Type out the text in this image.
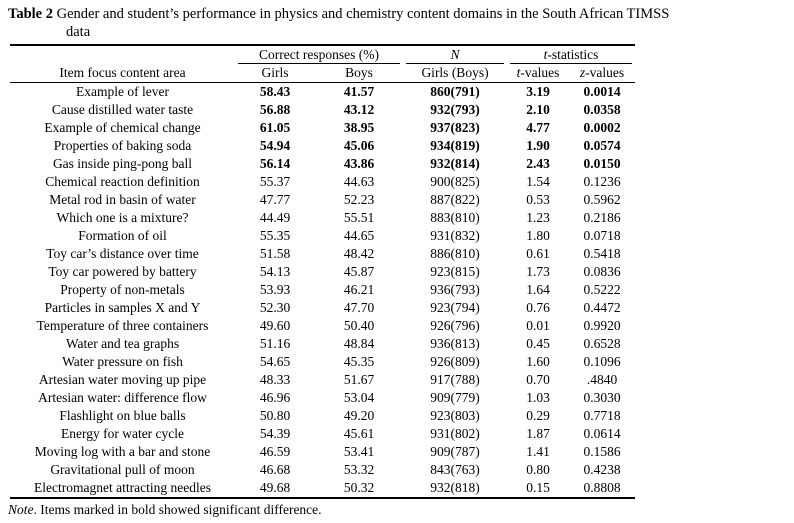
Table 2 Gender and student’s performance in physics and chemistry content domains in the South African TIMSS
data

	Correct responses (%)		N	t-statistics	

Item focus content area	Girls	Boys	Girls (Boys)	t-values	z-values
Example of lever	58.43	41.57	860(791)	3.19	0.0014
Cause distilled water taste	56.88	43.12	932(793)	2.10	0.0358
Example of chemical change	61.05	38.95	937(823)	4.77	0.0002
Properties of baking soda	54.94	45.06	934(819)	1.90	0.0574
Gas inside ping-pong ball	56.14	43.86	932(814)	2.43	0.0150
Chemical reaction definition	55.37	44.63	900(825)	1.54	0.1236
Metal rod in basin of water	47.77	52.23	887(822)	0.53	0.5962
Which one is a mixture?	44.49	55.51	883(810)	1.23	0.2186
Formation of oil	55.35	44.65	931(832)	1.80	0.0718
Toy car’s distance over time	51.58	48.42	886(810)	0.61	0.5418
Toy car powered by battery	54.13	45.87	923(815)	1.73	0.0836
Property of non-metals	53.93	46.21	936(793)	1.64	0.5222
Particles in samples X and Y	52.30	47.70	923(794)	0.76	0.4472
Temperature of three containers	49.60	50.40	926(796)	0.01	0.9920
Water and tea graphs	51.16	48.84	936(813)	0.45	0.6528
Water pressure on fish	54.65	45.35	926(809)	1.60	0.1096
Artesian water moving up pipe	48.33	51.67	917(788)	0.70	.4840
Artesian water: difference flow	46.96	53.04	909(779)	1.03	0.3030
Flashlight on blue balls	50.80	49.20	923(803)	0.29	0.7718
Energy for water cycle	54.39	45.61	931(802)	1.87	0.0614
Moving log with a bar and stone	46.59	53.41	909(787)	1.41	0.1586
Gravitational pull of moon	46.68	53.32	843(763)	0.80	0.4238
Electromagnet attracting needles	49.68	50.32	932(818)	0.15	0.8808
Note. Items marked in bold showed significant difference.
